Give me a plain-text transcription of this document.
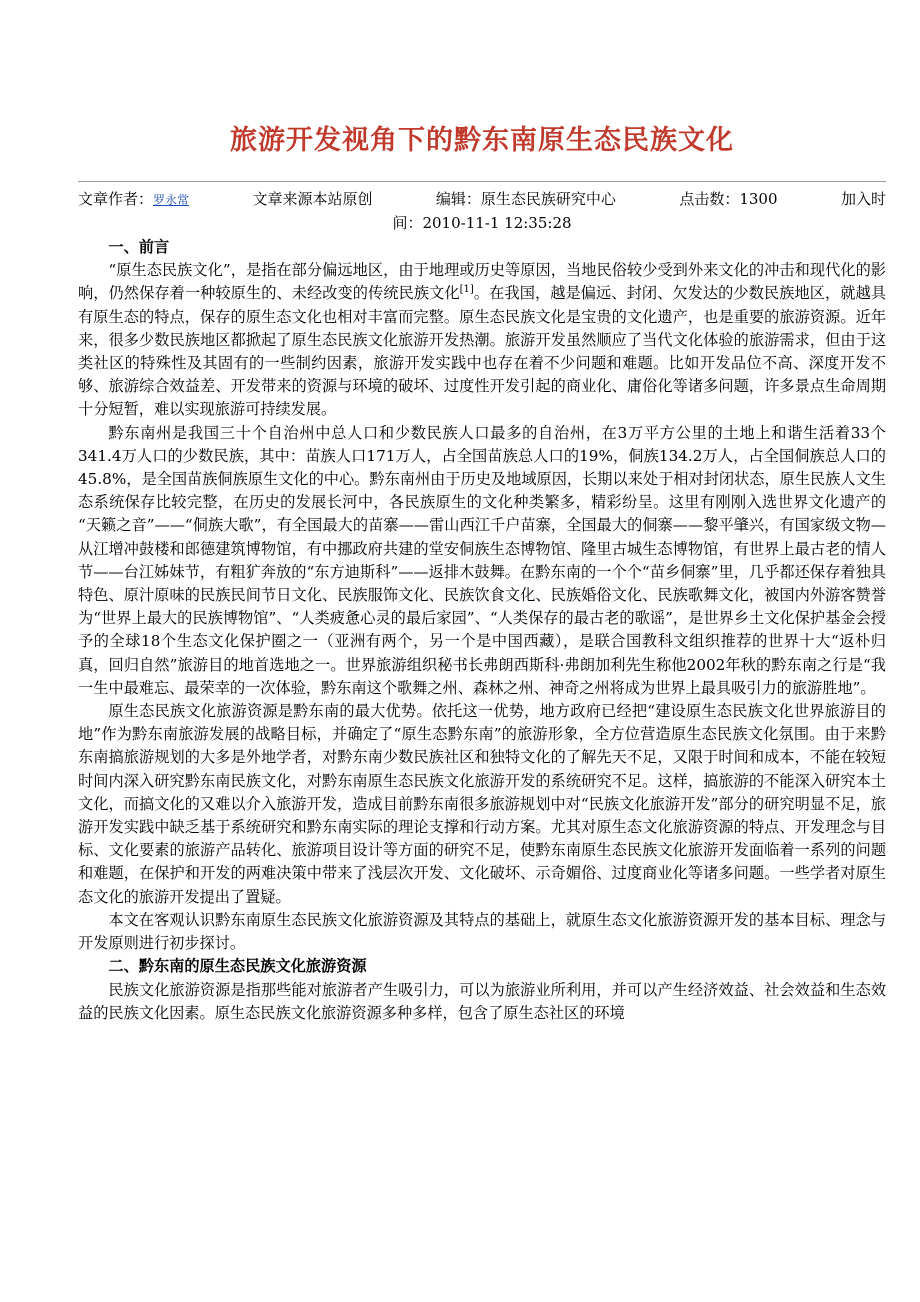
旅游开发视角下的黔东南原生态民族文化
文章作者：罗永常	文章来源本站原创	编辑：原生态民族研究中心	点击数：1300	加入时
间：2010-11-1 12:35:28
一、前言

“原生态民族文化”，是指在部分偏远地区，由于地理或历史等原因，当地民俗较少受到外来文化的冲击和现代化的影响，仍然保存着一种较原生的、未经改变的传统民族文化[1]。在我国，越是偏远、封闭、欠发达的少数民族地区，就越具有原生态的特点，保存的原生态文化也相对丰富而完整。原生态民族文化是宝贵的文化遗产，也是重要的旅游资源。近年来，很多少数民族地区都掀起了原生态民族文化旅游开发热潮。旅游开发虽然顺应了当代文化体验的旅游需求，但由于这类社区的特殊性及其固有的一些制约因素，旅游开发实践中也存在着不少问题和难题。比如开发品位不高、深度开发不够、旅游综合效益差、开发带来的资源与环境的破坏、过度性开发引起的商业化、庸俗化等诸多问题，许多景点生命周期十分短暂，难以实现旅游可持续发展。

黔东南州是我国三十个自治州中总人口和少数民族人口最多的自治州，在3万平方公里的土地上和谐生活着33个341.4万人口的少数民族，其中：苗族人口171万人，占全国苗族总人口的19%，侗族134.2万人，占全国侗族总人口的45.8%，是全国苗族侗族原生文化的中心。黔东南州由于历史及地域原因，长期以来处于相对封闭状态，原生民族人文生态系统保存比较完整，在历史的发展长河中，各民族原生的文化种类繁多，精彩纷呈。这里有刚刚入选世界文化遗产的 “天籁之音”——“侗族大歌”，有全国最大的苗寨——雷山西江千户苗寨，全国最大的侗寨——黎平肇兴，有国家级文物—从江增冲鼓楼和郎德建筑博物馆，有中挪政府共建的堂安侗族生态博物馆、隆里古城生态博物馆，有世界上最古老的情人节——台江姊妹节，有粗犷奔放的“东方迪斯科”——返排木鼓舞。在黔东南的一个个“苗乡侗寨”里，几乎都还保存着独具特色、原汁原味的民族民间节日文化、民族服饰文化、民族饮食文化、民族婚俗文化、民族歌舞文化，被国内外游客赞誉为“世界上最大的民族博物馆”、“人类疲惫心灵的最后家园”、“人类保存的最古老的歌谣”，是世界乡土文化保护基金会授予的全球18个生态文化保护圈之一（亚洲有两个，另一个是中国西藏），是联合国教科文组织推荐的世界十大“返朴归真，回归自然”旅游目的地首选地之一。世界旅游组织秘书长弗朗西斯科·弗朗加利先生称他2002年秋的黔东南之行是“我一生中最难忘、最荣幸的一次体验，黔东南这个歌舞之州、森林之州、神奇之州将成为世界上最具吸引力的旅游胜地”。

原生态民族文化旅游资源是黔东南的最大优势。依托这一优势，地方政府已经把“建设原生态民族文化世界旅游目的地”作为黔东南旅游发展的战略目标，并确定了“原生态黔东南”的旅游形象，全方位营造原生态民族文化氛围。由于来黔东南搞旅游规划的大多是外地学者，对黔东南少数民族社区和独特文化的了解先天不足，又限于时间和成本，不能在较短时间内深入研究黔东南民族文化，对黔东南原生态民族文化旅游开发的系统研究不足。这样，搞旅游的不能深入研究本土文化，而搞文化的又难以介入旅游开发，造成目前黔东南很多旅游规划中对“民族文化旅游开发”部分的研究明显不足，旅游开发实践中缺乏基于系统研究和黔东南实际的理论支撑和行动方案。尤其对原生态文化旅游资源的特点、开发理念与目标、文化要素的旅游产品转化、旅游项目设计等方面的研究不足，使黔东南原生态民族文化旅游开发面临着一系列的问题和难题，在保护和开发的两难决策中带来了浅层次开发、文化破坏、示奇媚俗、过度商业化等诸多问题。一些学者对原生态文化的旅游开发提出了置疑。

本文在客观认识黔东南原生态民族文化旅游资源及其特点的基础上，就原生态文化旅游资源开发的基本目标、理念与开发原则进行初步探讨。

二、黔东南的原生态民族文化旅游资源

民族文化旅游资源是指那些能对旅游者产生吸引力，可以为旅游业所利用，并可以产生经济效益、社会效益和生态效益的民族文化因素。原生态民族文化旅游资源多种多样，包含了原生态社区的环境
